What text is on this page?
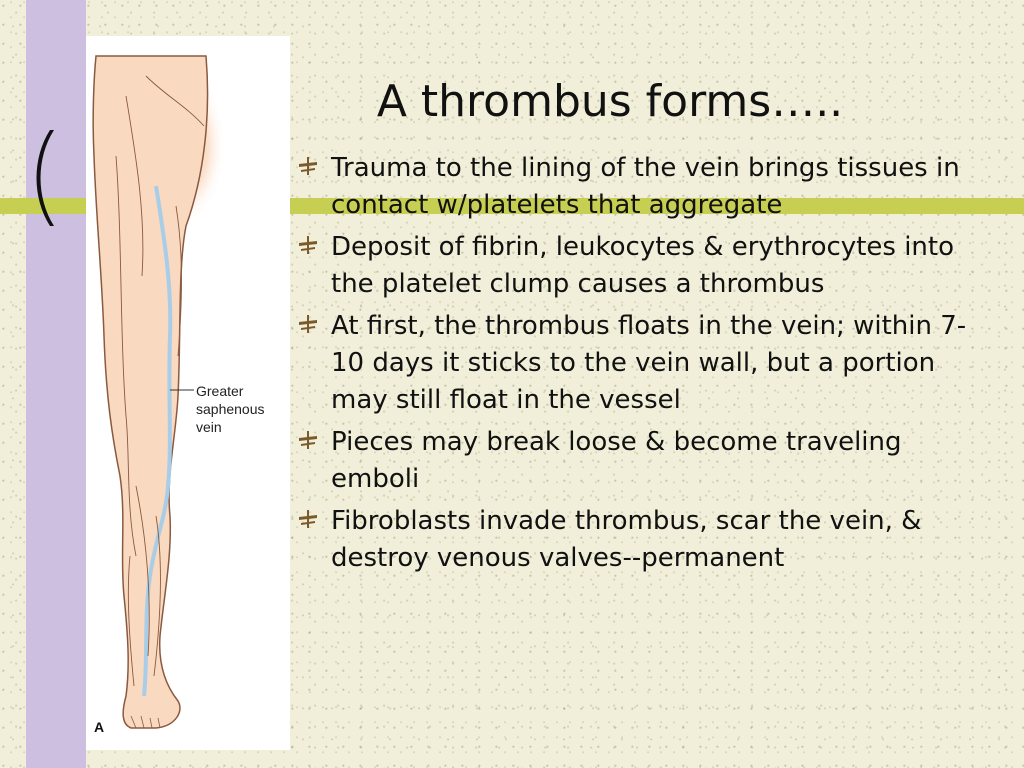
Greater
saphenous
vein
A
A thrombus forms…..
Trauma to the lining of the vein brings tissues in contact w/platelets that aggregate
Deposit of fibrin, leukocytes & erythrocytes into the platelet clump causes a thrombus
At first, the thrombus floats in the vein; within 7-10 days it sticks to the vein wall, but a portion may still float in the vessel
Pieces may break loose & become traveling emboli
Fibroblasts invade thrombus, scar the vein, & destroy venous valves--permanent
